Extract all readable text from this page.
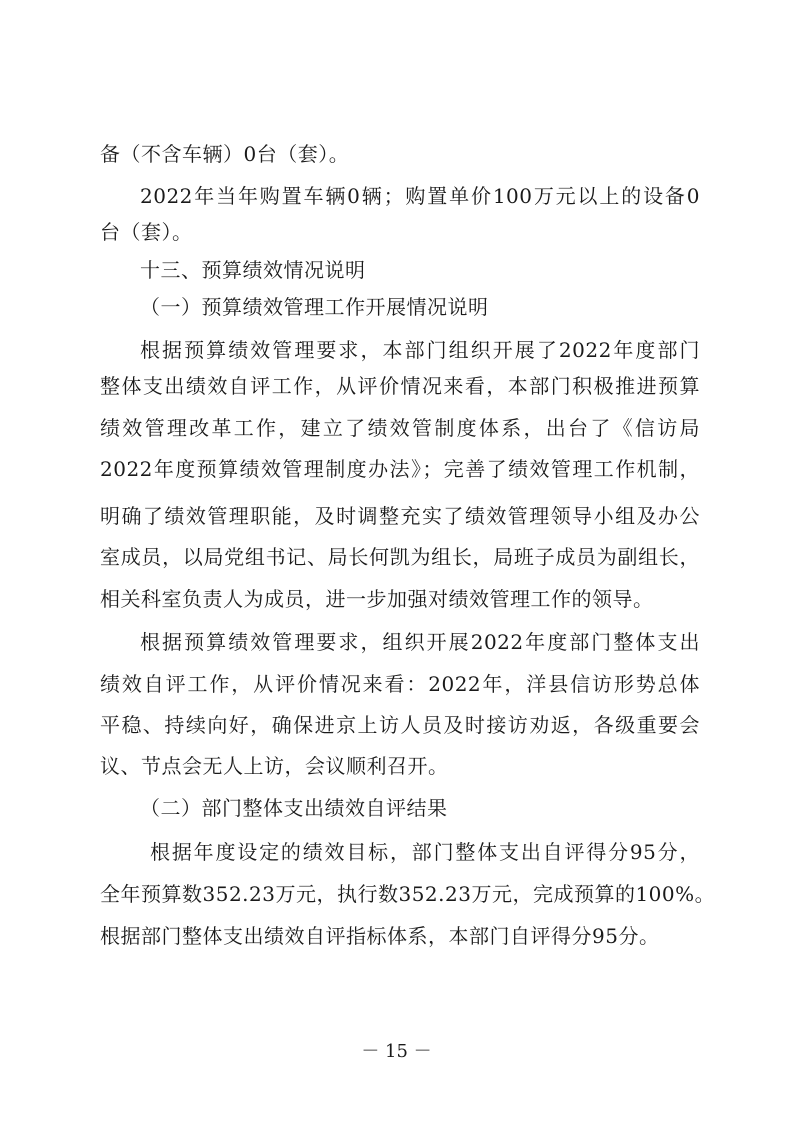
备（不含车辆）0台（套）。
2022年当年购置车辆0辆；购置单价100万元以上的设备0
台（套）。
十三、预算绩效情况说明
（一）预算绩效管理工作开展情况说明
根据预算绩效管理要求，本部门组织开展了2022年度部门
整体支出绩效自评工作，从评价情况来看，本部门积极推进预算
绩效管理改革工作，建立了绩效管制度体系，出台了《信访局
2022年度预算绩效管理制度办法》；完善了绩效管理工作机制，
明确了绩效管理职能，及时调整充实了绩效管理领导小组及办公
室成员，以局党组书记、局长何凯为组长，局班子成员为副组长，
相关科室负责人为成员，进一步加强对绩效管理工作的领导。
根据预算绩效管理要求，组织开展2022年度部门整体支出
绩效自评工作，从评价情况来看：2022年，洋县信访形势总体
平稳、持续向好，确保进京上访人员及时接访劝返，各级重要会
议、节点会无人上访，会议顺利召开。
（二）部门整体支出绩效自评结果
根据年度设定的绩效目标，部门整体支出自评得分95分，
全年预算数352.23万元，执行数352.23万元，完成预算的100%。
根据部门整体支出绩效自评指标体系，本部门自评得分95分。
－ 15 －
